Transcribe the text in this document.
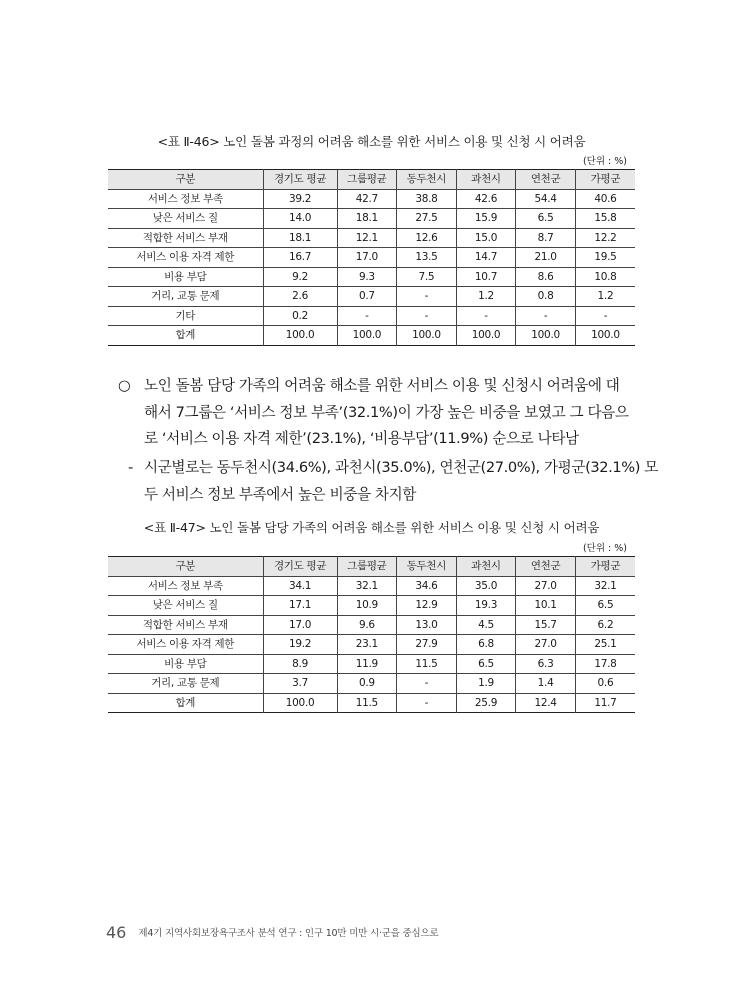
<표 Ⅱ-46> 노인 돌봄 과정의 어려움 해소를 위한 서비스 이용 및 신청 시 어려움
(단위 : %)
구분	경기도 평균	그룹평균	동두천시	과천시	연천군	가평군
서비스 정보 부족	39.2	42.7	38.8	42.6	54.4	40.6
낮은 서비스 질	14.0	18.1	27.5	15.9	6.5	15.8
적합한 서비스 부재	18.1	12.1	12.6	15.0	8.7	12.2
서비스 이용 자격 제한	16.7	17.0	13.5	14.7	21.0	19.5
비용 부담	9.2	9.3	7.5	10.7	8.6	10.8
거리, 교통 문제	2.6	0.7	-	1.2	0.8	1.2
기타	0.2	-	-	-	-	-
합계	100.0	100.0	100.0	100.0	100.0	100.0
○ 노인 돌봄 담당 가족의 어려움 해소를 위한 서비스 이용 및 신청시 어려움에 대
해서 7그룹은 ‘서비스 정보 부족’(32.1%)이 가장 높은 비중을 보였고 그 다음으
로 ‘서비스 이용 자격 제한’(23.1%), ‘비용부담’(11.9%) 순으로 나타남
- 시군별로는 동두천시(34.6%), 과천시(35.0%), 연천군(27.0%), 가평군(32.1%) 모
두 서비스 정보 부족에서 높은 비중을 차지함
<표 Ⅱ-47> 노인 돌봄 담당 가족의 어려움 해소를 위한 서비스 이용 및 신청 시 어려움
(단위 : %)
구분	경기도 평균	그룹평균	동두천시	과천시	연천군	가평군
서비스 정보 부족	34.1	32.1	34.6	35.0	27.0	32.1
낮은 서비스 질	17.1	10.9	12.9	19.3	10.1	6.5
적합한 서비스 부재	17.0	9.6	13.0	4.5	15.7	6.2
서비스 이용 자격 제한	19.2	23.1	27.9	6.8	27.0	25.1
비용 부담	8.9	11.9	11.5	6.5	6.3	17.8
거리, 교통 문제	3.7	0.9	-	1.9	1.4	0.6
합계	100.0	11.5	-	25.9	12.4	11.7
46 제4기 지역사회보장욕구조사 분석 연구 : 인구 10만 미만 시·군을 중심으로
